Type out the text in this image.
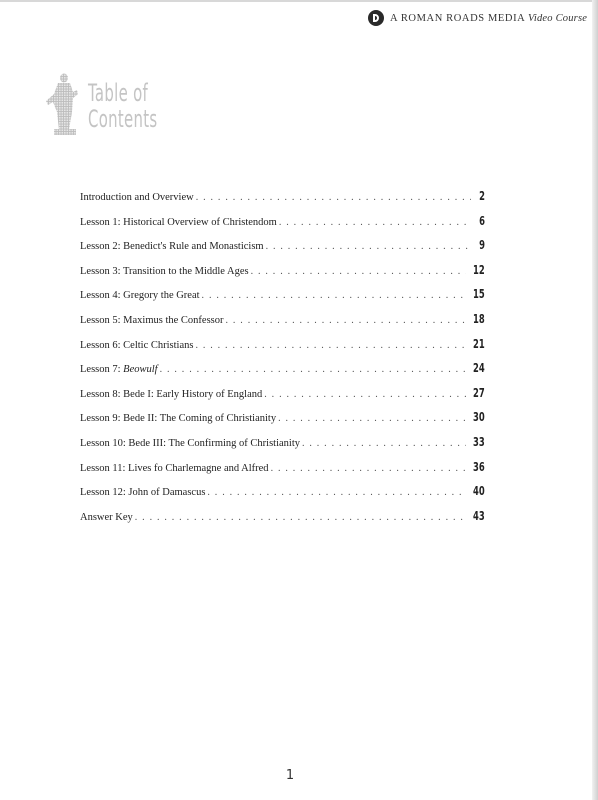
A ROMAN ROADS MEDIA Video Course
Table of
Contents
Introduction and Overview . . .	2
Lesson 1: Historical Overview of Christendom . . .	6
Lesson 2: Benedict's Rule and Monasticism . . .	9
Lesson 3: Transition to the Middle Ages . . .	12
Lesson 4: Gregory the Great . . .	15
Lesson 5: Maximus the Confessor . . .	18
Lesson 6: Celtic Christians . . .	21
Lesson 7: Beowulf . . .	24
Lesson 8: Bede I: Early History of England . . .	27
Lesson 9: Bede II: The Coming of Christianity . . .	30
Lesson 10: Bede III: The Confirming of Christianity . . .	33
Lesson 11: Lives fo Charlemagne and Alfred . . .	36
Lesson 12: John of Damascus . . .	40
Answer Key . . .	43
1
